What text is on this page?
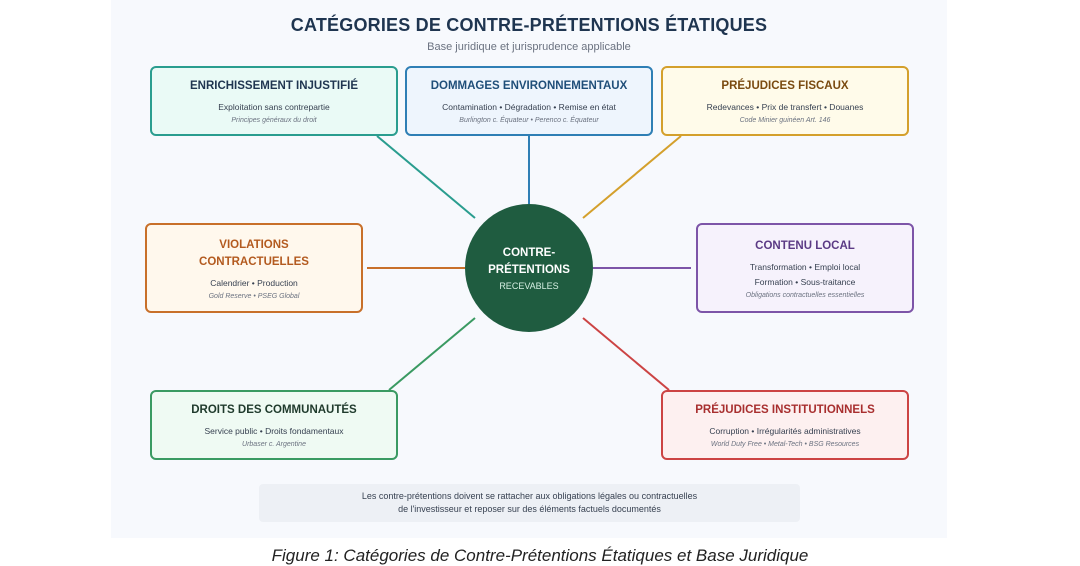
CATÉGORIES DE CONTRE-PRÉTENTIONS ÉTATIQUES
Base juridique et jurisprudence applicable
ENRICHISSEMENT INJUSTIFIÉ
Exploitation sans contrepartie
Principes généraux du droit
DOMMAGES ENVIRONNEMENTAUX
Contamination • Dégradation • Remise en état
Burlington c. Équateur • Perenco c. Équateur
PRÉJUDICES FISCAUX
Redevances • Prix de transfert • Douanes
Code Minier guinéen Art. 146
VIOLATIONS CONTRACTUELLES
Calendrier • Production
Gold Reserve • PSEG Global
CONTRE-PRÉTENTIONS
RECEVABLES
CONTENU LOCAL
Transformation • Emploi local
Formation • Sous-traitance
Obligations contractuelles essentielles
DROITS DES COMMUNAUTÉS
Service public • Droits fondamentaux
Urbaser c. Argentine
PRÉJUDICES INSTITUTIONNELS
Corruption • Irrégularités administratives
World Duty Free • Metal-Tech • BSG Resources
Les contre-prétentions doivent se rattacher aux obligations légales ou contractuelles
de l'investisseur et reposer sur des éléments factuels documentés
Figure 1: Catégories de Contre-Prétentions Étatiques et Base Juridique
